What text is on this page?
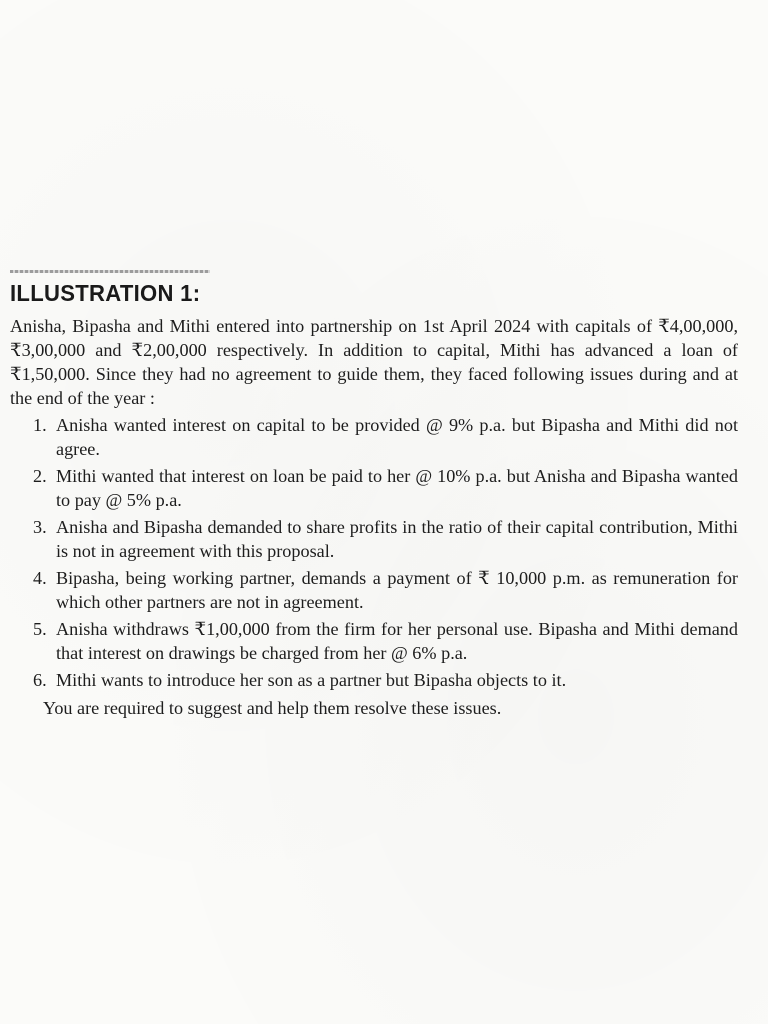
ILLUSTRATION 1:

Anisha, Bipasha and Mithi entered into partnership on 1st April 2024 with capitals of ₹4,00,000, ₹3,00,000 and ₹2,00,000 respectively. In addition to capital, Mithi has advanced a loan of ₹1,50,000. Since they had no agreement to guide them, they faced following issues during and at the end of the year :

1. Anisha wanted interest on capital to be provided @ 9% p.a. but Bipasha and Mithi did not agree.
2. Mithi wanted that interest on loan be paid to her @ 10% p.a. but Anisha and Bipasha wanted to pay @ 5% p.a.
3. Anisha and Bipasha demanded to share profits in the ratio of their capital contribution, Mithi is not in agreement with this proposal.
4. Bipasha, being working partner, demands a payment of ₹ 10,000 p.m. as remuneration for which other partners are not in agreement.
5. Anisha withdraws ₹1,00,000 from the firm for her personal use. Bipasha and Mithi demand that interest on drawings be charged from her @ 6% p.a.
6. Mithi wants to introduce her son as a partner but Bipasha objects to it.

You are required to suggest and help them resolve these issues.
